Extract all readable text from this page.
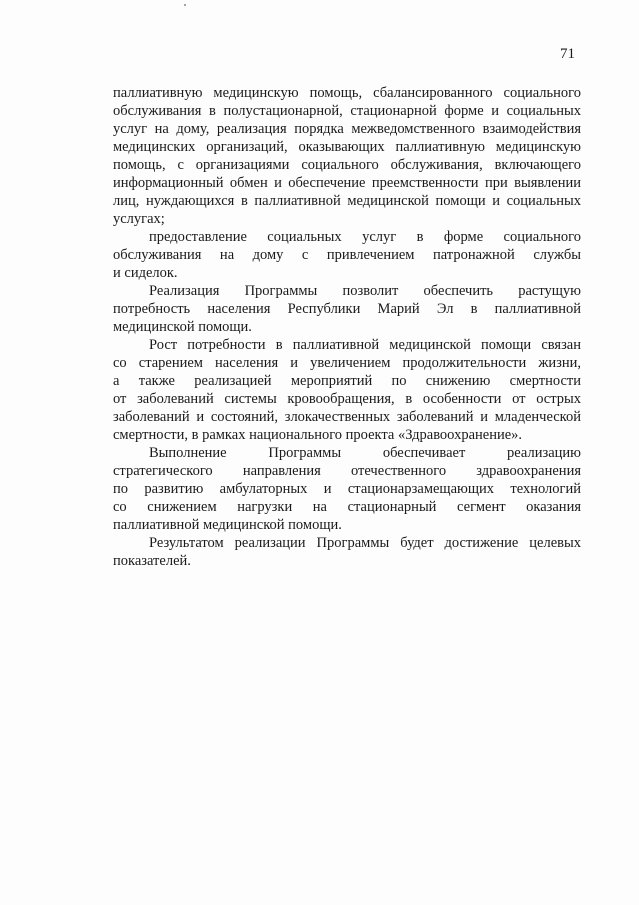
71
паллиативную медицинскую помощь, сбалансированного социального
обслуживания в полустационарной, стационарной форме и социальных
услуг на дому, реализация порядка межведомственного взаимодействия
медицинских организаций, оказывающих паллиативную медицинскую
помощь, с организациями социального обслуживания, включающего
информационный обмен и обеспечение преемственности при выявлении
лиц, нуждающихся в паллиативной медицинской помощи и социальных
услугах;
предоставление социальных услуг в форме социального
обслуживания на дому с привлечением патронажной службы
и сиделок.
Реализация Программы позволит обеспечить растущую
потребность населения Республики Марий Эл в паллиативной
медицинской помощи.
Рост потребности в паллиативной медицинской помощи связан
со старением населения и увеличением продолжительности жизни,
а также реализацией мероприятий по снижению смертности
от заболеваний системы кровообращения, в особенности от острых
заболеваний и состояний, злокачественных заболеваний и младенческой
смертности, в рамках национального проекта «Здравоохранение».
Выполнение Программы обеспечивает реализацию
стратегического направления отечественного здравоохранения
по развитию амбулаторных и стационарзамещающих технологий
со снижением нагрузки на стационарный сегмент оказания
паллиативной медицинской помощи.
Результатом реализации Программы будет достижение целевых
показателей.
